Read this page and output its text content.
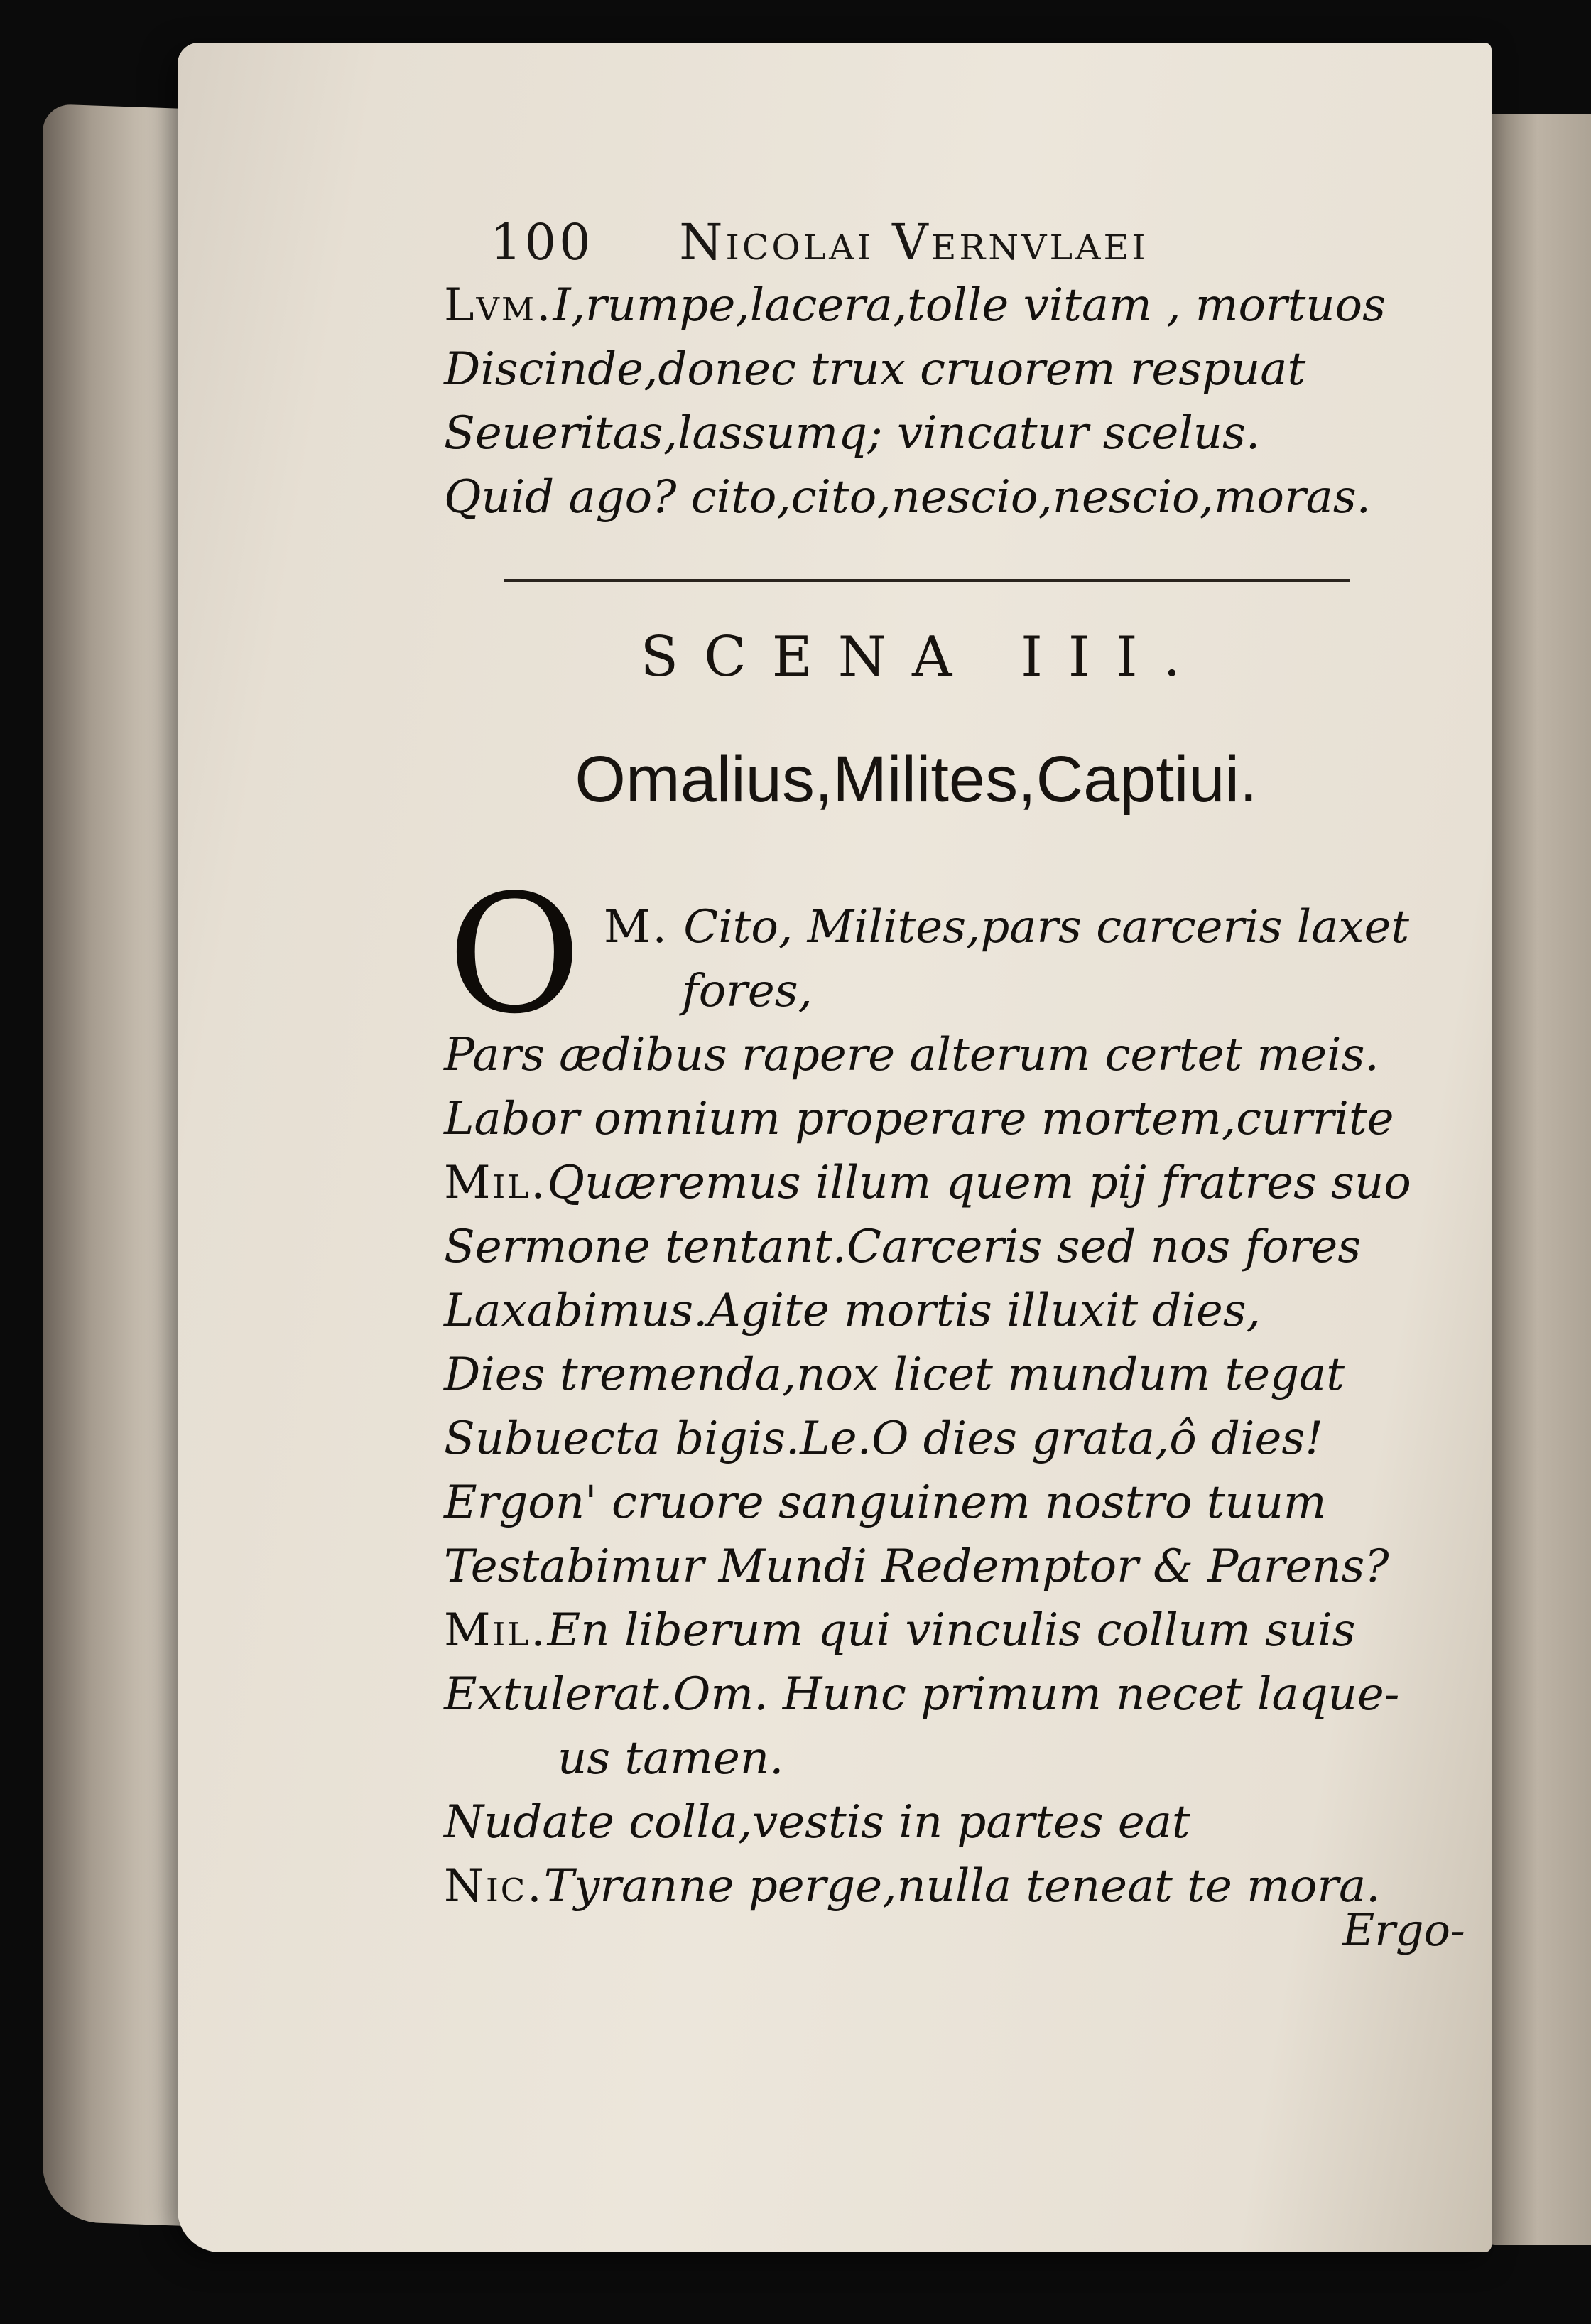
100 Nicolai Vernvlaei
Lvm.I,rumpe,lacera,tolle vitam , mortuos
Discinde,donec trux cruorem respuat
Seueritas,lassumq; vincatur scelus.
Quid ago? cito,cito,nescio,nescio,moras.
SCENA III.
Omalius,Milites,Captiui.
O M. Cito, Milites,pars carceris laxet
fores,
Pars ædibus rapere alterum certet meis.
Labor omnium properare mortem,currite
Mil.Quæremus illum quem pij fratres suo
Sermone tentant.Carceris sed nos fores
Laxabimus.Agite mortis illuxit dies,
Dies tremenda,nox licet mundum tegat
Subuecta bigis.Le.O dies grata,ô dies!
Ergon' cruore sanguinem nostro tuum
Testabimur Mundi Redemptor & Parens?
Mil.En liberum qui vinculis collum suis
Extulerat.Om. Hunc primum necet laque-
us tamen.
Nudate colla,vestis in partes eat
Nic.Tyranne perge,nulla teneat te mora.
Ergo-
